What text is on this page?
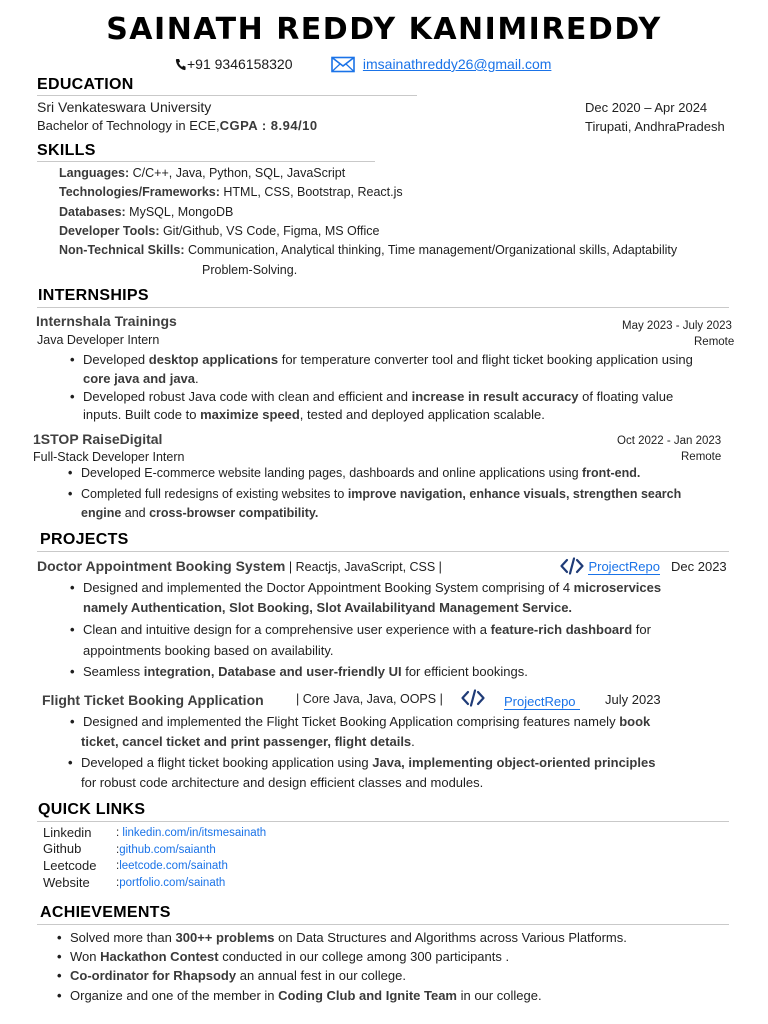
SAINATH REDDY KANIMIREDDY
+91 9346158320	imsainathreddy26@gmail.com
EDUCATION
Sri Venkateswara University
Bachelor of Technology in ECE,CGPA : 8.94/10
Dec 2020 – Apr 2024
Tirupati, AndhraPradesh
SKILLS
Languages: C/C++, Java, Python, SQL, JavaScript
Technologies/Frameworks: HTML, CSS, Bootstrap, React.js
Databases: MySQL, MongoDB
Developer Tools: Git/Github, VS Code, Figma, MS Office
Non-Technical Skills: Communication, Analytical thinking, Time management/Organizational skills, Adaptability
Problem-Solving.
INTERNSHIPS
Internshala Trainings
Java Developer Intern
May 2023 - July 2023
Remote
• Developed desktop applications for temperature converter tool and flight ticket booking application using
core java and java.
• Developed robust Java code with clean and efficient and increase in result accuracy of floating value
inputs. Built code to maximize speed, tested and deployed application scalable.
1STOP RaiseDigital
Full-Stack Developer Intern
Oct 2022 - Jan 2023
Remote
• Developed E-commerce website landing pages, dashboards and online applications using front-end.
• Completed full redesigns of existing websites to improve navigation, enhance visuals, strengthen search
engine and cross-browser compatibility.
PROJECTS
Doctor Appointment Booking System | Reactjs, JavaScript, CSS |	ProjectRepo Dec 2023
• Designed and implemented the Doctor Appointment Booking System comprising of 4 microservices
namely Authentication, Slot Booking, Slot Availabilityand Management Service.
• Clean and intuitive design for a comprehensive user experience with a feature-rich dashboard for
appointments booking based on availability.
• Seamless integration, Database and user-friendly UI for efficient bookings.
Flight Ticket Booking Application	| Core Java, Java, OOPS |	ProjectRepo	July 2023
• Designed and implemented the Flight Ticket Booking Application comprising features namely book
ticket, cancel ticket and print passenger, flight details.
• Developed a flight ticket booking application using Java, implementing object-oriented principles
for robust code architecture and design efficient classes and modules.
QUICK LINKS
Linkedin : linkedin.com/in/itsmesainath
Github	:github.com/saianth
Leetcode :leetcode.com/sainath
Website :portfolio.com/sainath
ACHIEVEMENTS
• Solved more than 300++ problems on Data Structures and Algorithms across Various Platforms.
• Won Hackathon Contest conducted in our college among 300 participants .
• Co-ordinator for Rhapsody an annual fest in our college.
• Organize and one of the member in Coding Club and Ignite Team in our college.
